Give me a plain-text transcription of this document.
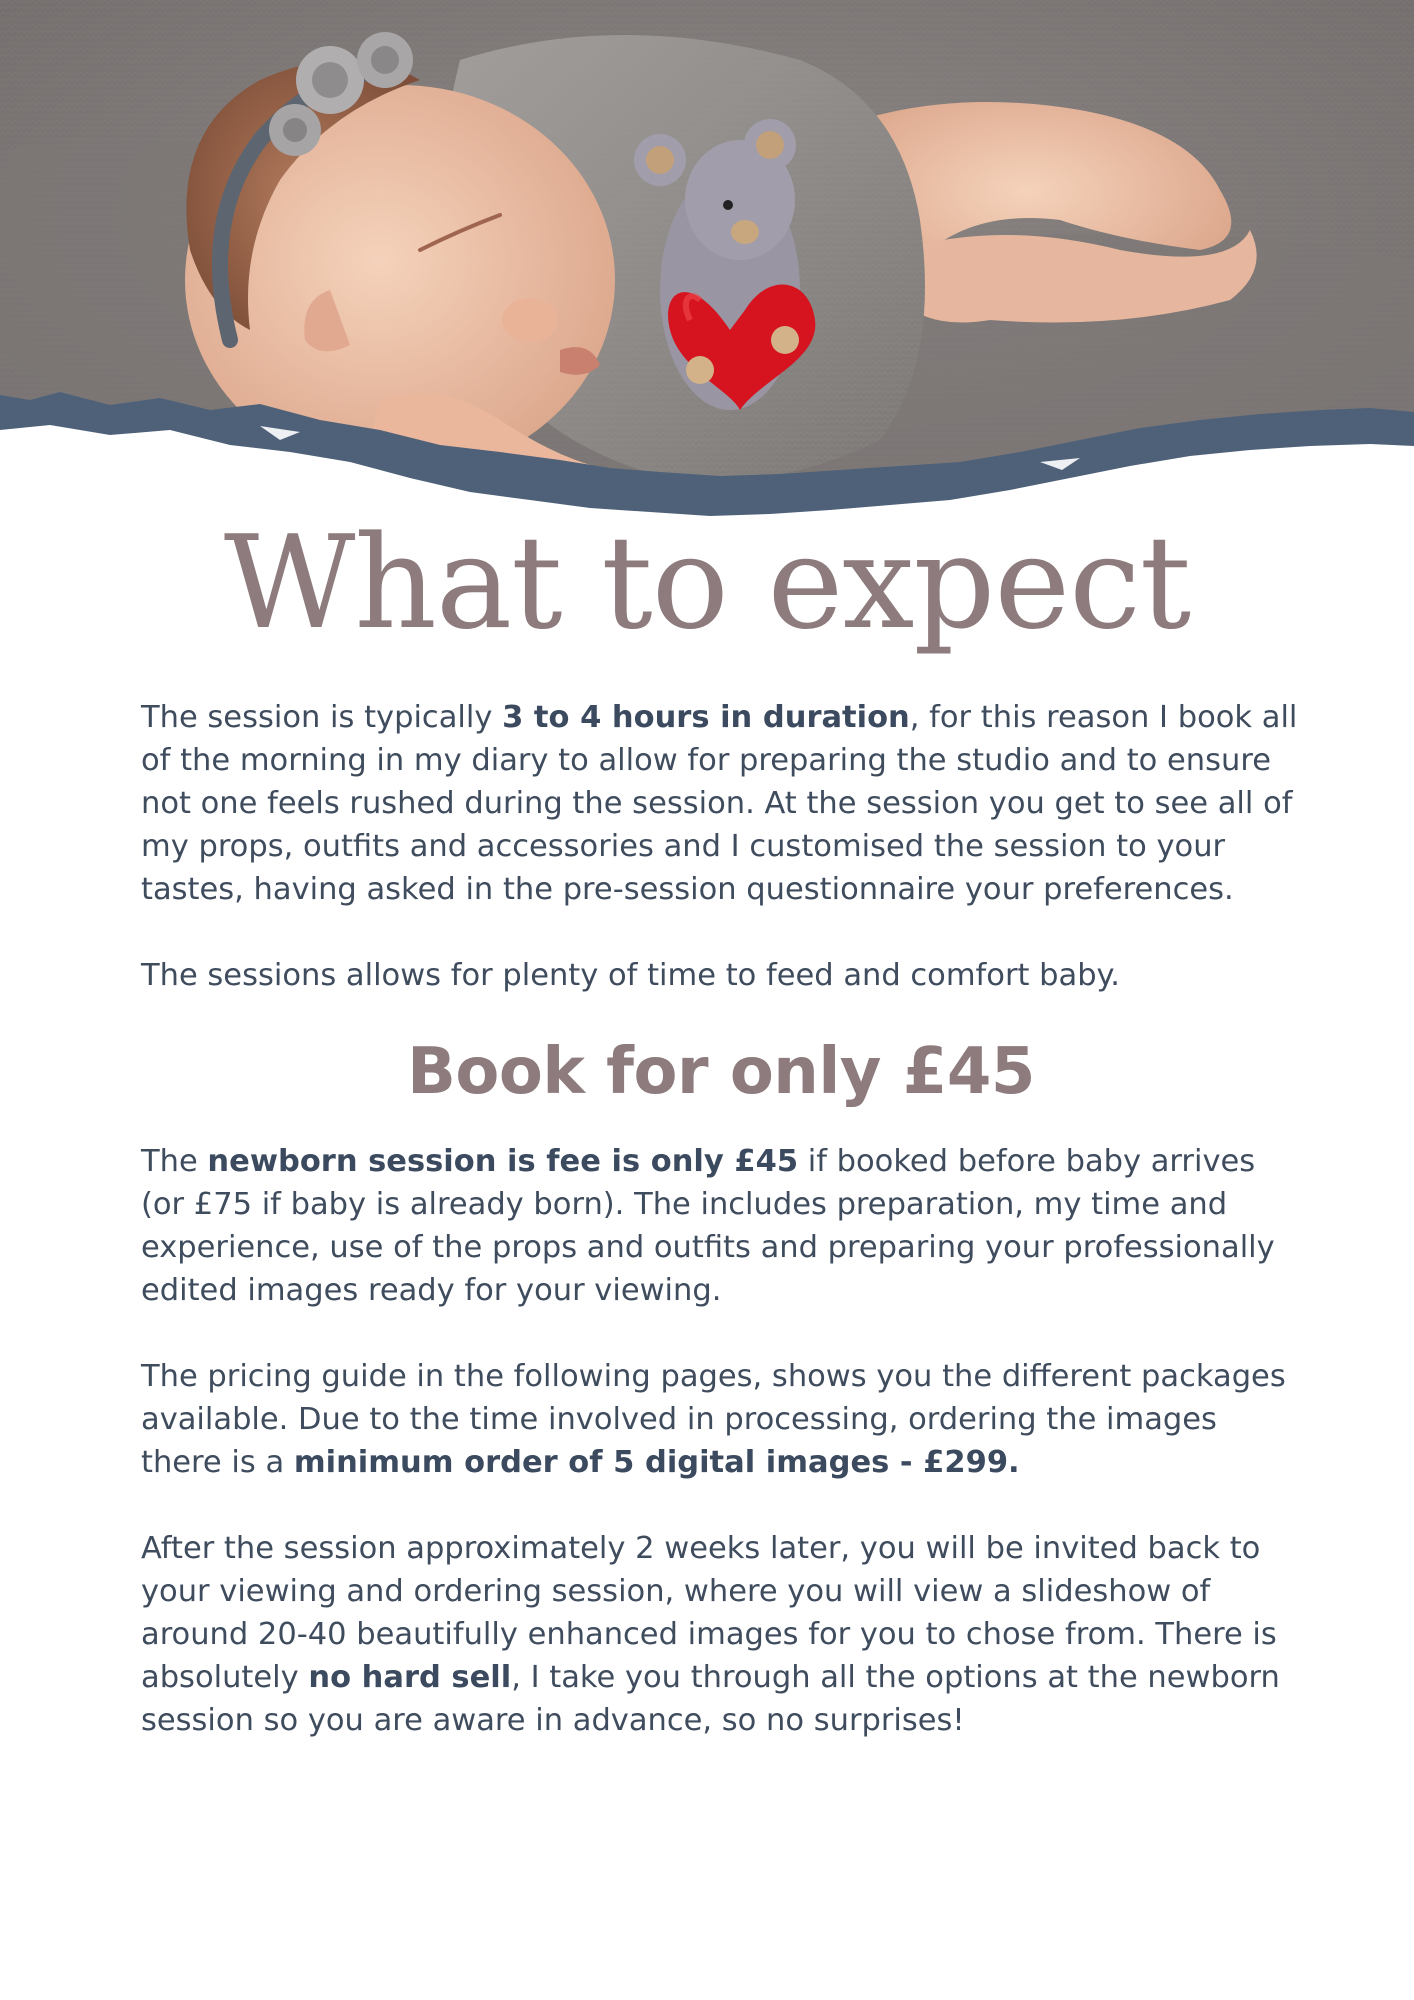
What to expect

The session is typically 3 to 4 hours in duration, for this reason I book all of the morning in my diary to allow for preparing the studio and to ensure not one feels rushed during the session. At the session you get to see all of my props, outfits and accessories and I customised the session to your tastes, having asked in the pre-session questionnaire your preferences.

The sessions allows for plenty of time to feed and comfort baby.

Book for only £45

The newborn session is fee is only £45 if booked before baby arrives (or £75 if baby is already born). The includes preparation, my time and experience, use of the props and outfits and preparing your professionally edited images ready for your viewing.

The pricing guide in the following pages, shows you the different packages available. Due to the time involved in processing, ordering the images there is a minimum order of 5 digital images - £299.

After the session approximately 2 weeks later, you will be invited back to your viewing and ordering session, where you will view a slideshow of around 20-40 beautifully enhanced images for you to chose from. There is absolutely no hard sell, I take you through all the options at the newborn session so you are aware in advance, so no surprises!
